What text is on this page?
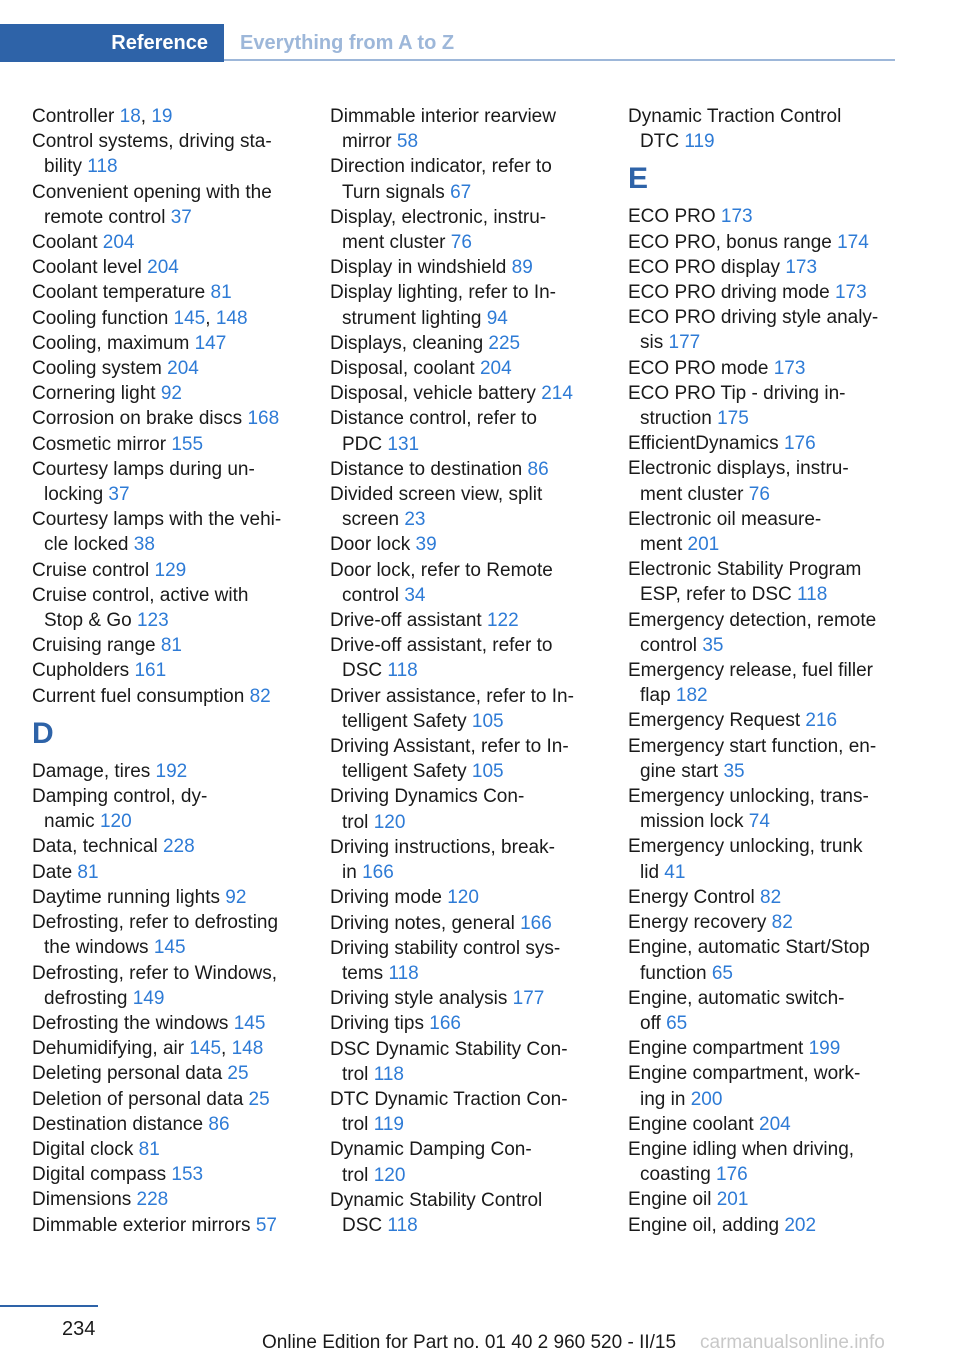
Reference	Everything from A to Z
Controller 18, 19
Control systems, driving sta-
bility 118
Convenient opening with the
remote control 37
Coolant 204
Coolant level 204
Coolant temperature 81
Cooling function 145, 148
Cooling, maximum 147
Cooling system 204
Cornering light 92
Corrosion on brake discs 168
Cosmetic mirror 155
Courtesy lamps during un-
locking 37
Courtesy lamps with the vehi-
cle locked 38
Cruise control 129
Cruise control, active with
Stop & Go 123
Cruising range 81
Cupholders 161
Current fuel consumption 82
D
Damage, tires 192
Damping control, dy-
namic 120
Data, technical 228
Date 81
Daytime running lights 92
Defrosting, refer to defrosting
the windows 145
Defrosting, refer to Windows,
defrosting 149
Defrosting the windows 145
Dehumidifying, air 145, 148
Deleting personal data 25
Deletion of personal data 25
Destination distance 86
Digital clock 81
Digital compass 153
Dimensions 228
Dimmable exterior mirrors 57
Dimmable interior rearview
mirror 58
Direction indicator, refer to
Turn signals 67
Display, electronic, instru-
ment cluster 76
Display in windshield 89
Display lighting, refer to In-
strument lighting 94
Displays, cleaning 225
Disposal, coolant 204
Disposal, vehicle battery 214
Distance control, refer to
PDC 131
Distance to destination 86
Divided screen view, split
screen 23
Door lock 39
Door lock, refer to Remote
control 34
Drive-off assistant 122
Drive-off assistant, refer to
DSC 118
Driver assistance, refer to In-
telligent Safety 105
Driving Assistant, refer to In-
telligent Safety 105
Driving Dynamics Con-
trol 120
Driving instructions, break-
in 166
Driving mode 120
Driving notes, general 166
Driving stability control sys-
tems 118
Driving style analysis 177
Driving tips 166
DSC Dynamic Stability Con-
trol 118
DTC Dynamic Traction Con-
trol 119
Dynamic Damping Con-
trol 120
Dynamic Stability Control
DSC 118
Dynamic Traction Control
DTC 119
E
ECO PRO 173
ECO PRO, bonus range 174
ECO PRO display 173
ECO PRO driving mode 173
ECO PRO driving style analy-
sis 177
ECO PRO mode 173
ECO PRO Tip - driving in-
struction 175
EfficientDynamics 176
Electronic displays, instru-
ment cluster 76
Electronic oil measure-
ment 201
Electronic Stability Program
ESP, refer to DSC 118
Emergency detection, remote
control 35
Emergency release, fuel filler
flap 182
Emergency Request 216
Emergency start function, en-
gine start 35
Emergency unlocking, trans-
mission lock 74
Emergency unlocking, trunk
lid 41
Energy Control 82
Energy recovery 82
Engine, automatic Start/Stop
function 65
Engine, automatic switch-
off 65
Engine compartment 199
Engine compartment, work-
ing in 200
Engine coolant 204
Engine idling when driving,
coasting 176
Engine oil 201
Engine oil, adding 202
234
Online Edition for Part no. 01 40 2 960 520 - II/15 carmanualsonline.info
